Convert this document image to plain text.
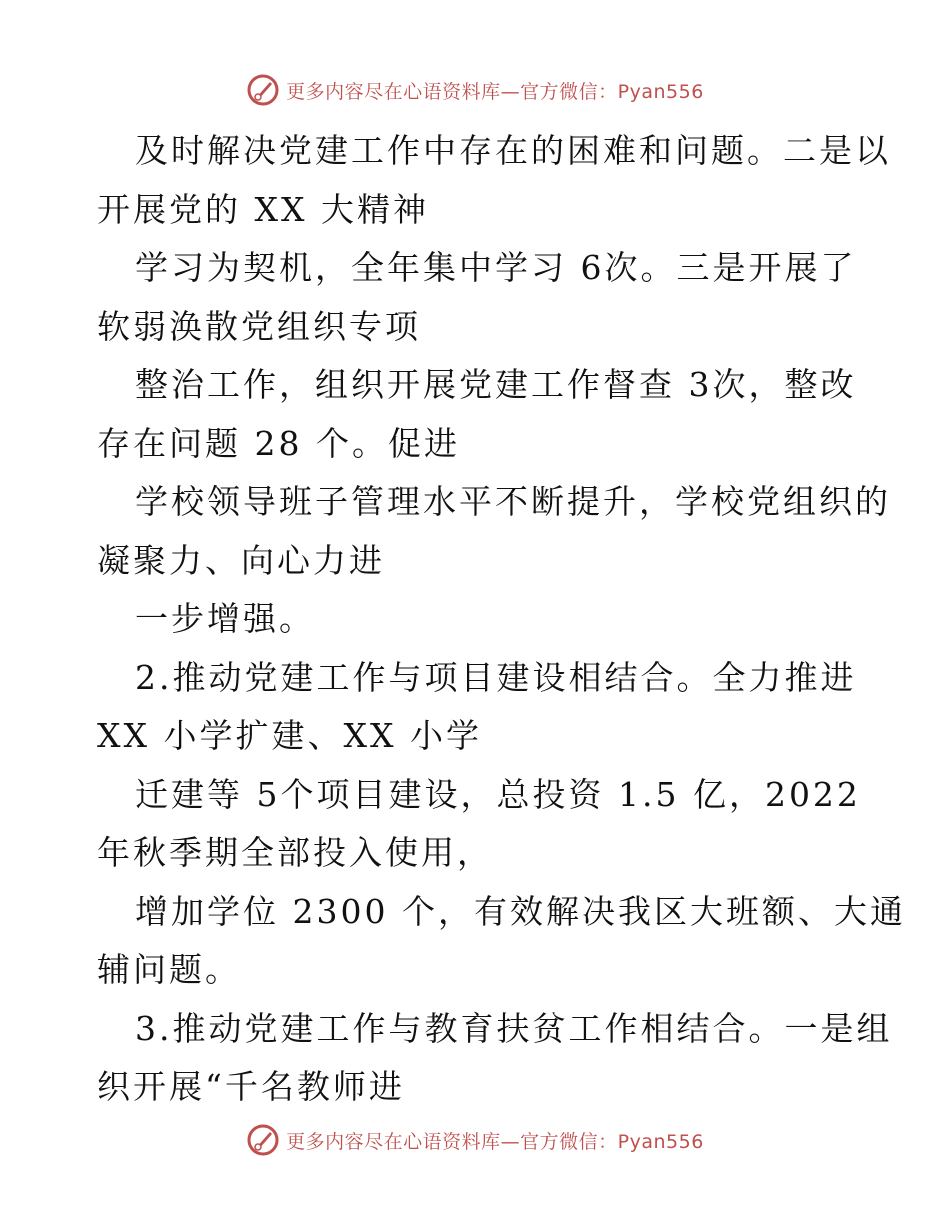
更多内容尽在心语资料库—官方微信：Pyan556
及时解决党建工作中存在的困难和问题。二是以
开展党的 XX 大精神
学习为契机，全年集中学习 6次。三是开展了
软弱涣散党组织专项
整治工作，组织开展党建工作督查 3次，整改
存在问题 28 个。促进
学校领导班子管理水平不断提升，学校党组织的
凝聚力、向心力进
一步增强。
2.推动党建工作与项目建设相结合。全力推进
XX 小学扩建、XX 小学
迁建等 5个项目建设，总投资 1.5 亿，2022
年秋季期全部投入使用，
增加学位 2300 个，有效解决我区大班额、大通
辅问题。
3.推动党建工作与教育扶贫工作相结合。一是组
织开展“千名教师进
更多内容尽在心语资料库—官方微信：Pyan556
